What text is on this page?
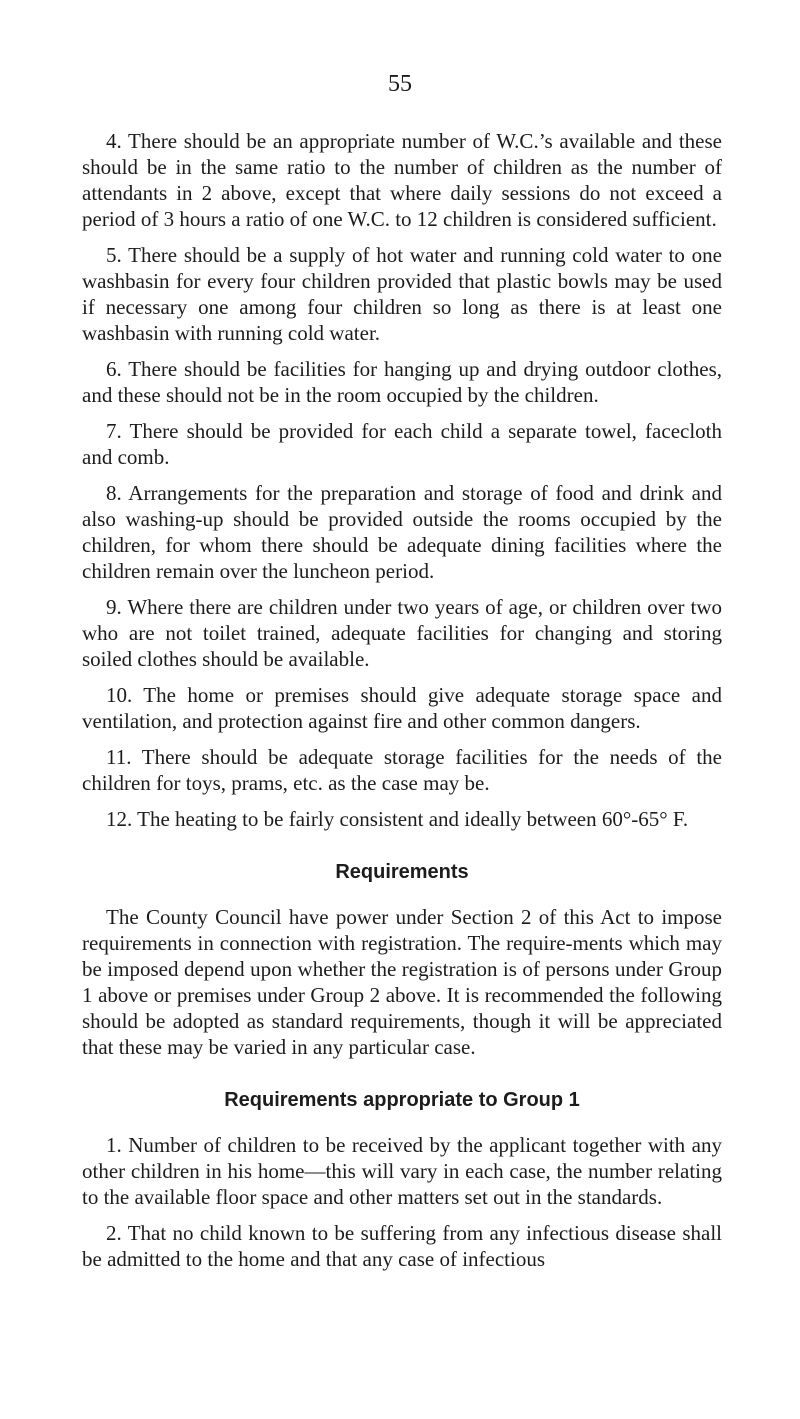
55

4. There should be an appropriate number of W.C.’s available and these should be in the same ratio to the number of children as the number of attendants in 2 above, except that where daily sessions do not exceed a period of 3 hours a ratio of one W.C. to 12 children is considered sufficient.

5. There should be a supply of hot water and running cold water to one washbasin for every four children provided that plastic bowls may be used if necessary one among four children so long as there is at least one washbasin with running cold water.

6. There should be facilities for hanging up and drying outdoor clothes, and these should not be in the room occupied by the children.

7. There should be provided for each child a separate towel, facecloth and comb.

8. Arrangements for the preparation and storage of food and drink and also washing-up should be provided outside the rooms occupied by the children, for whom there should be adequate dining facilities where the children remain over the luncheon period.

9. Where there are children under two years of age, or children over two who are not toilet trained, adequate facilities for changing and storing soiled clothes should be available.

10. The home or premises should give adequate storage space and ventilation, and protection against fire and other common dangers.

11. There should be adequate storage facilities for the needs of the children for toys, prams, etc. as the case may be.

12. The heating to be fairly consistent and ideally between 60°-65° F.

Requirements

The County Council have power under Section 2 of this Act to impose requirements in connection with registration. The require-ments which may be imposed depend upon whether the registration is of persons under Group 1 above or premises under Group 2 above. It is recommended the following should be adopted as standard requirements, though it will be appreciated that these may be varied in any particular case.

Requirements appropriate to Group 1

1. Number of children to be received by the applicant together with any other children in his home—this will vary in each case, the number relating to the available floor space and other matters set out in the standards.

2. That no child known to be suffering from any infectious disease shall be admitted to the home and that any case of infectious
